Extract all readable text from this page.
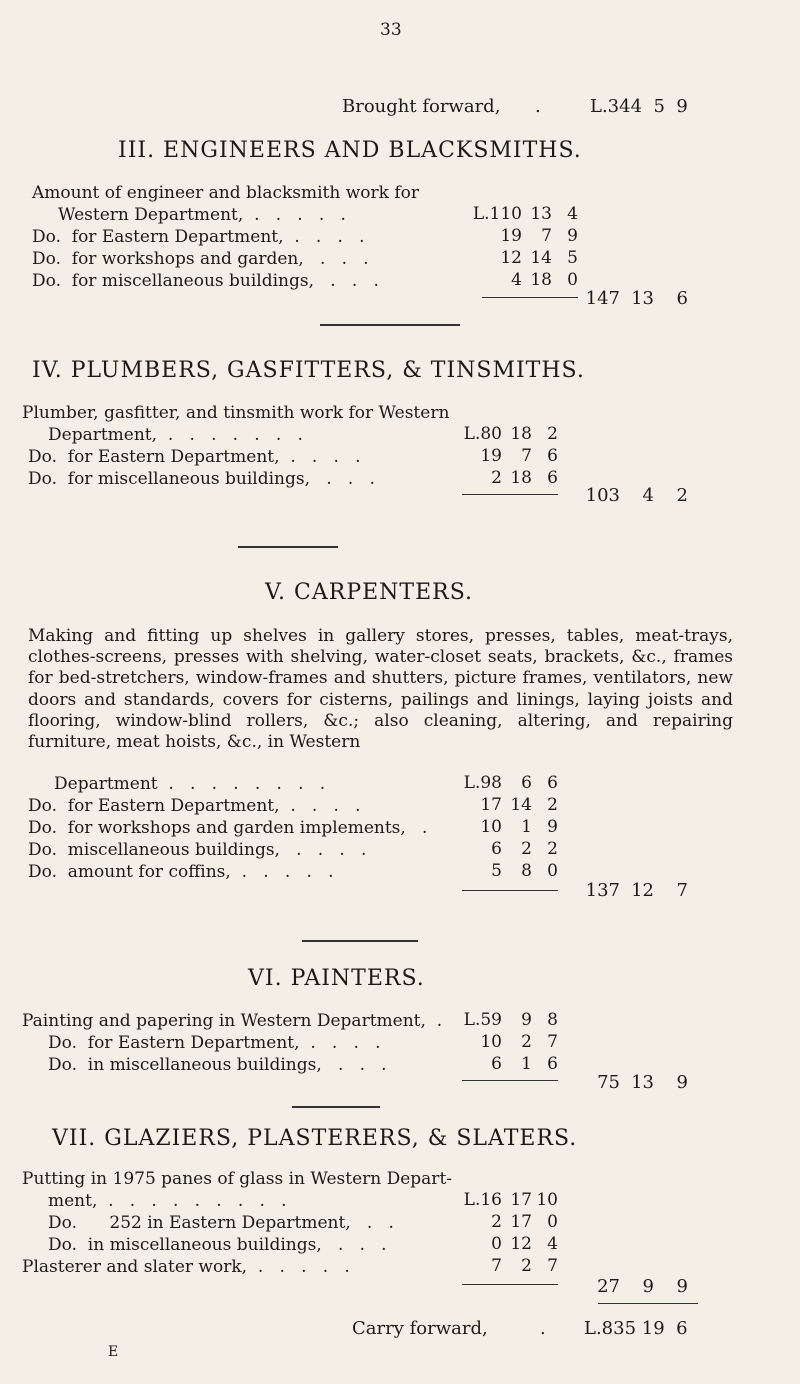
33
Brought forward, .	L.344  5  9
III. ENGINEERS AND BLACKSMITHS.
Amount of engineer and blacksmith work for
Western Department,  .   .   .   .   .	L.110 13 4
Do.  for Eastern Department,  .   .   .   .	19	7 9
Do.  for workshops and garden,   .   .   .	12 14 5
Do.  for miscellaneous buildings,   .   .   .	4 18 0
147 13	6
IV. PLUMBERS, GASFITTERS, & TINSMITHS.
Plumber, gasfitter, and tinsmith work for Western
Department,  .   .   .   .   .   .   .	L.80 18 2
Do.  for Eastern Department,  .   .   .   .	19	7 6
Do.  for miscellaneous buildings,   .   .   .	2 18 6
103	4	2
V. CARPENTERS.
Making and fitting up shelves in gallery stores, presses, tables, meat-trays, clothes-screens, presses with shelving, water-closet seats, brackets, &c., frames for bed-stretchers, window-frames and shutters, picture frames, ventilators, new doors and standards, covers for cisterns, pailings and linings, laying joists and flooring, window-blind rollers, &c.; also cleaning, altering, and repairing furniture, meat hoists, &c., in Western
Department  .   .   .   .   .   .   .   .	L.98	6 6
Do.  for Eastern Department,  .   .   .   .	17 14 2
Do.  for workshops and garden implements,   .	10	1 9
Do.  miscellaneous buildings,   .   .   .   .	6	2 2
Do.  amount for coffins,  .   .   .   .   .	5	8 0
137 12	7
VI. PAINTERS.
Painting and papering in Western Department,  .	L.59	9 8
Do.  for Eastern Department,  .   .   .   .	10	2 7
Do.  in miscellaneous buildings,   .   .   .	6	1 6
75 13	9
VII. GLAZIERS, PLASTERERS, & SLATERS.
Putting in 1975 panes of glass in Western Depart-
ment,  .   .   .   .   .   .   .   .   .	L.16 17 10
Do.      252 in Eastern Department,   .   .	2 17 0
Do.  in miscellaneous buildings,   .   .   .	0 12 4
Plasterer and slater work,  .   .   .   .   .	7	2 7
27	9	9
Carry forward,	. L.835 19  6
E
